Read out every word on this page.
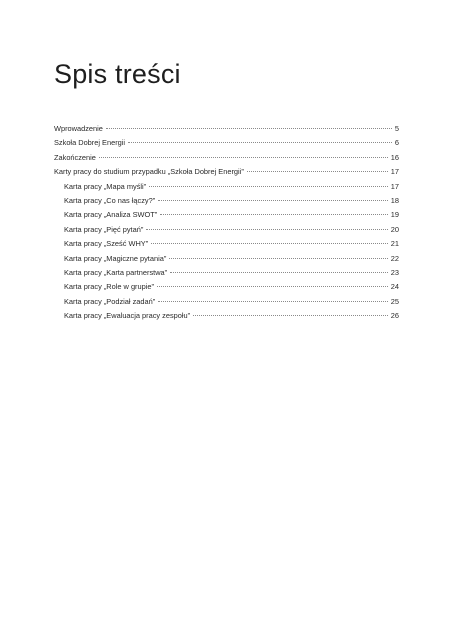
Spis treści
Wprowadzenie	5
Szkoła Dobrej Energii	6
Zakończenie	16
Karty pracy do studium przypadku „Szkoła Dobrej Energii”	17
Karta pracy „Mapa myśli”	17
Karta pracy „Co nas łączy?”	18
Karta pracy „Analiza SWOT”	19
Karta pracy „Pięć pytań”	20
Karta pracy „Sześć WHY”	21
Karta pracy „Magiczne pytania”	22
Karta pracy „Karta partnerstwa”	23
Karta pracy „Role w grupie”	24
Karta pracy „Podział zadań”	25
Karta pracy „Ewaluacja pracy zespołu”	26
